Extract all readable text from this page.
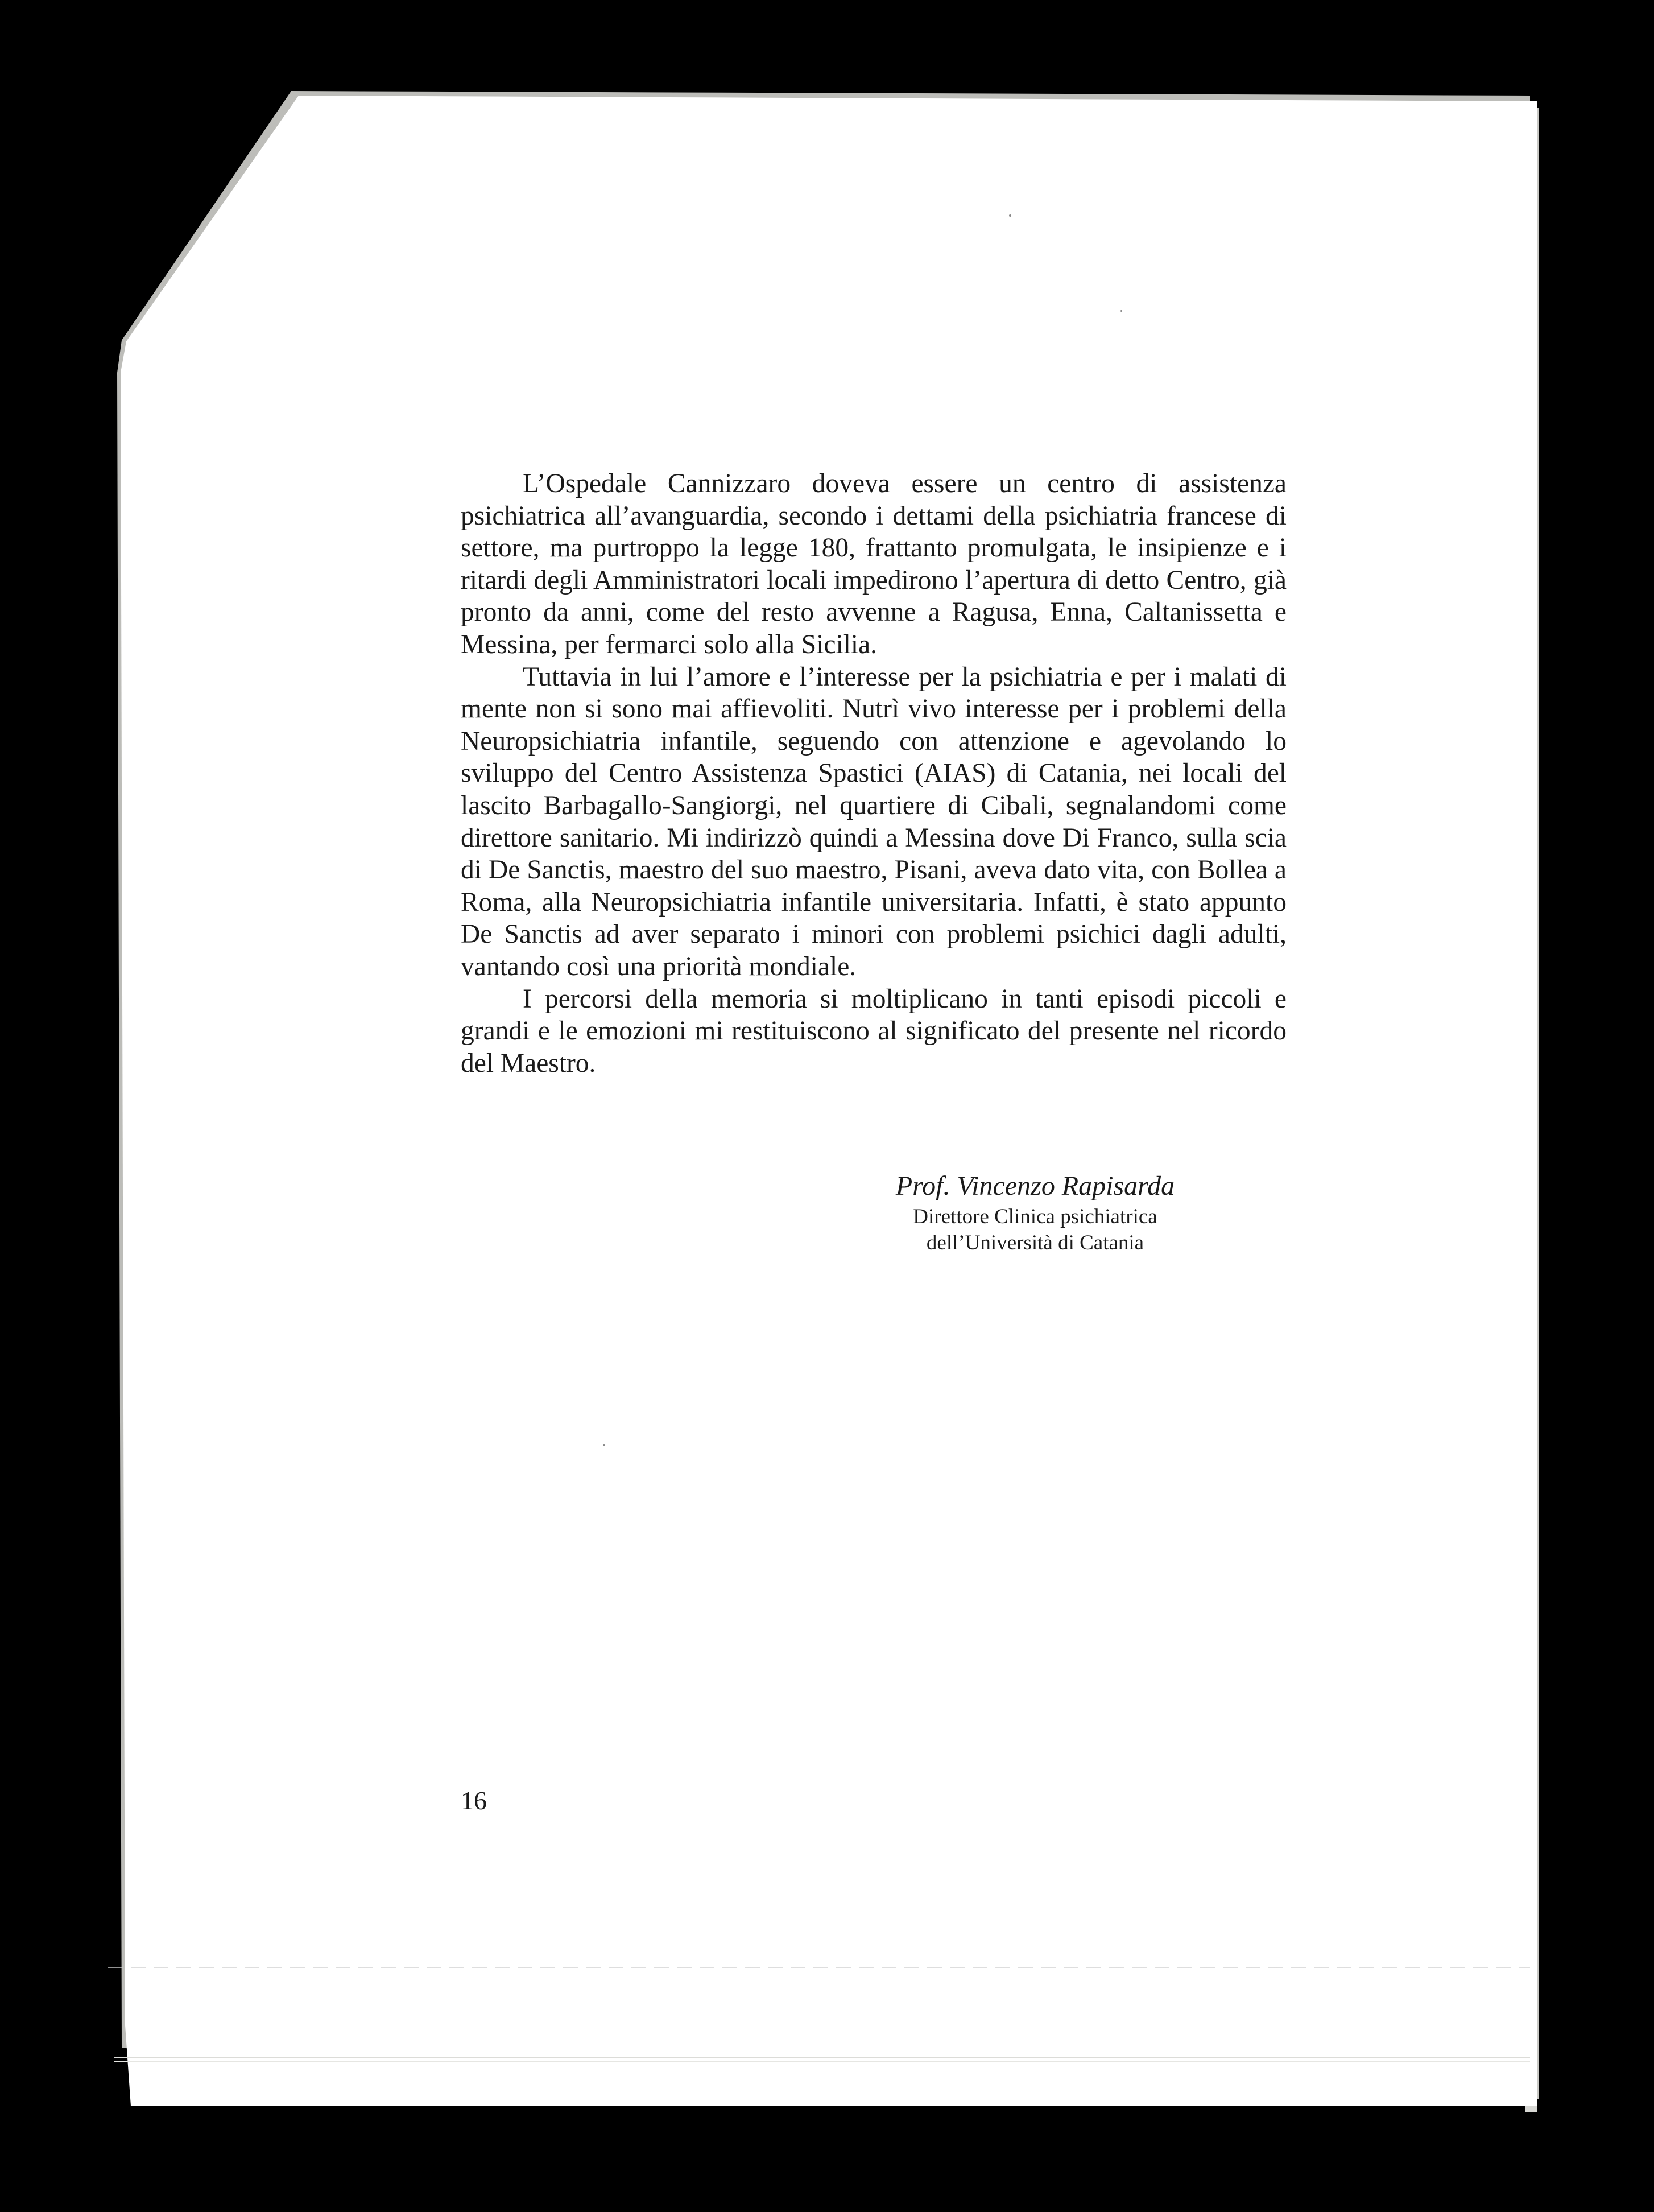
L’Ospedale Cannizzaro doveva essere un centro di assistenza psichiatrica all’avanguardia, secondo i dettami della psichiatria francese di settore, ma purtroppo la legge 180, frattanto promulgata, le insipienze e i ritardi degli Amministratori locali impedirono l’apertura di detto Centro, già pronto da anni, come del resto avvenne a Ragusa, Enna, Caltanissetta e Messina, per fermarci solo alla Sicilia.

Tuttavia in lui l’amore e l’interesse per la psichiatria e per i malati di mente non si sono mai affievoliti. Nutrì vivo interesse per i problemi della Neuropsichiatria infantile, seguendo con attenzione e agevolando lo sviluppo del Centro Assistenza Spastici (AIAS) di Catania, nei locali del lascito Barbagallo-Sangiorgi, nel quartiere di Cibali, segnalandomi come direttore sanitario. Mi indirizzò quindi a Messina dove Di Franco, sulla scia di De Sanctis, maestro del suo maestro, Pisani, aveva dato vita, con Bollea a Roma, alla Neuropsichiatria infantile universitaria. Infatti, è stato appunto De Sanctis ad aver separato i minori con problemi psichici dagli adulti, vantando così una priorità mondiale.

I percorsi della memoria si moltiplicano in tanti episodi piccoli e grandi e le emozioni mi restituiscono al significato del presente nel ricordo del Maestro.

Prof. Vincenzo Rapisarda

Direttore Clinica psichiatrica

dell’Università di Catania

16
